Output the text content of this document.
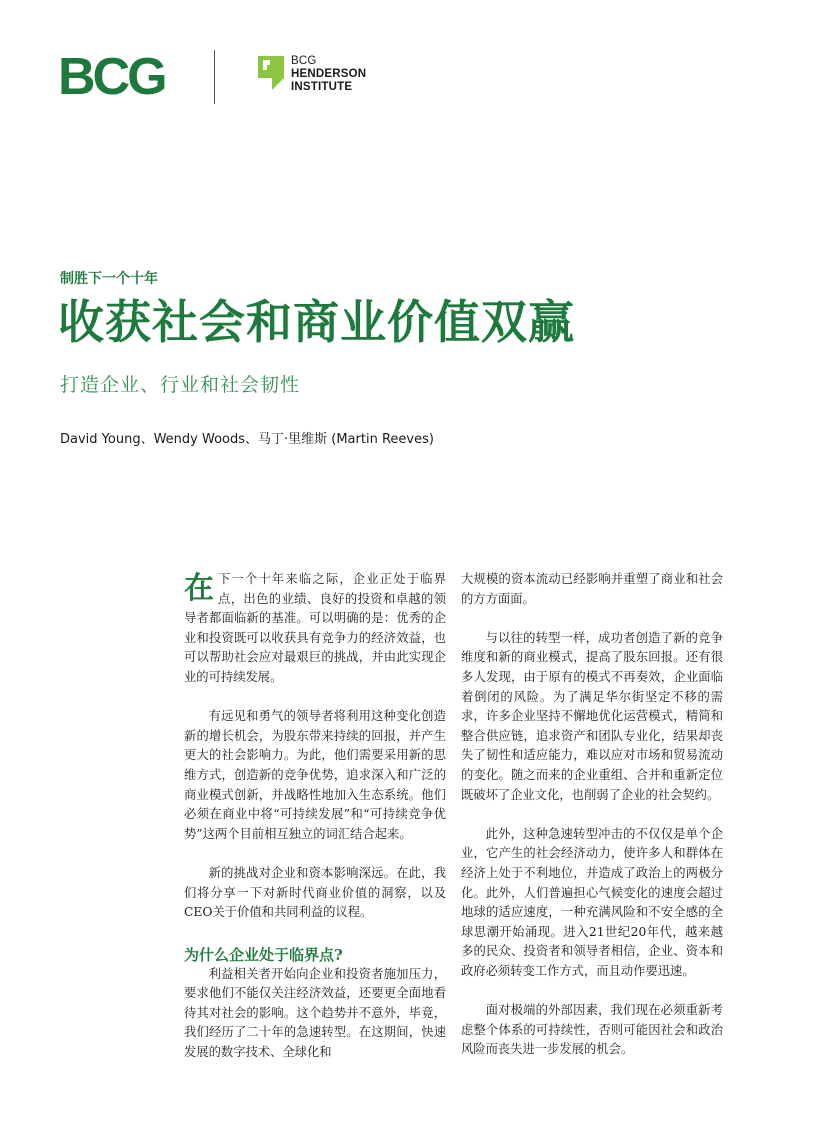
BCG	BCG
HENDERSON
INSTITUTE
制胜下一个十年
收获社会和商业价值双赢
打造企业、行业和社会韧性
David Young、Wendy Woods、马丁·里维斯 (Martin Reeves)

在下一个十年来临之际，企业正处于临界点，出色的业绩、良好的投资和卓越的领导者都面临新的基准。可以明确的是：优秀的企业和投资既可以收获具有竞争力的经济效益，也可以帮助社会应对最艰巨的挑战，并由此实现企业的可持续发展。

有远见和勇气的领导者将利用这种变化创造新的增长机会，为股东带来持续的回报，并产生更大的社会影响力。为此，他们需要采用新的思维方式，创造新的竞争优势，追求深入和广泛的商业模式创新，并战略性地加入生态系统。他们必须在商业中将“可持续发展”和“可持续竞争优势”这两个目前相互独立的词汇结合起来。

新的挑战对企业和资本影响深远。在此，我们将分享一下对新时代商业价值的洞察，以及CEO关于价值和共同利益的议程。

为什么企业处于临界点?

利益相关者开始向企业和投资者施加压力，要求他们不能仅关注经济效益，还要更全面地看待其对社会的影响。这个趋势并不意外，毕竟，我们经历了二十年的急速转型。在这期间，快速发展的数字技术、全球化和

大规模的资本流动已经影响并重塑了商业和社会的方方面面。

与以往的转型一样，成功者创造了新的竞争维度和新的商业模式，提高了股东回报。还有很多人发现，由于原有的模式不再奏效，企业面临着倒闭的风险。为了满足华尔街坚定不移的需求，许多企业坚持不懈地优化运营模式，精简和整合供应链，追求资产和团队专业化，结果却丧失了韧性和适应能力，难以应对市场和贸易流动的变化。随之而来的企业重组、合并和重新定位既破坏了企业文化，也削弱了企业的社会契约。

此外，这种急速转型冲击的不仅仅是单个企业，它产生的社会经济动力，使许多人和群体在经济上处于不利地位，并造成了政治上的两极分化。此外，人们普遍担心气候变化的速度会超过地球的适应速度，一种充满风险和不安全感的全球思潮开始涌现。进入21世纪20年代，越来越多的民众、投资者和领导者相信，企业、资本和政府必须转变工作方式，而且动作要迅速。

面对极端的外部因素，我们现在必须重新考虑整个体系的可持续性，否则可能因社会和政治风险而丧失进一步发展的机会。
